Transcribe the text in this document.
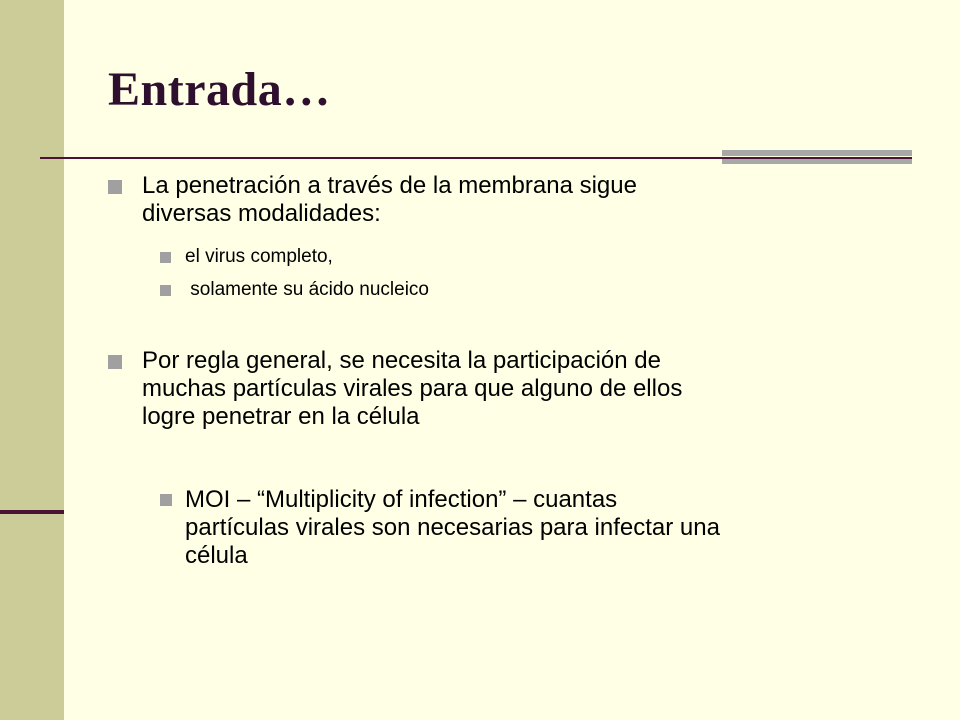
Entrada…
La penetración a través de la membrana sigue
diversas modalidades:
el virus completo,
solamente su ácido nucleico
Por regla general, se necesita la participación de
muchas partículas virales para que alguno de ellos
logre penetrar en la célula
MOI – “Multiplicity of infection” – cuantas
partículas virales son necesarias para infectar una
célula
